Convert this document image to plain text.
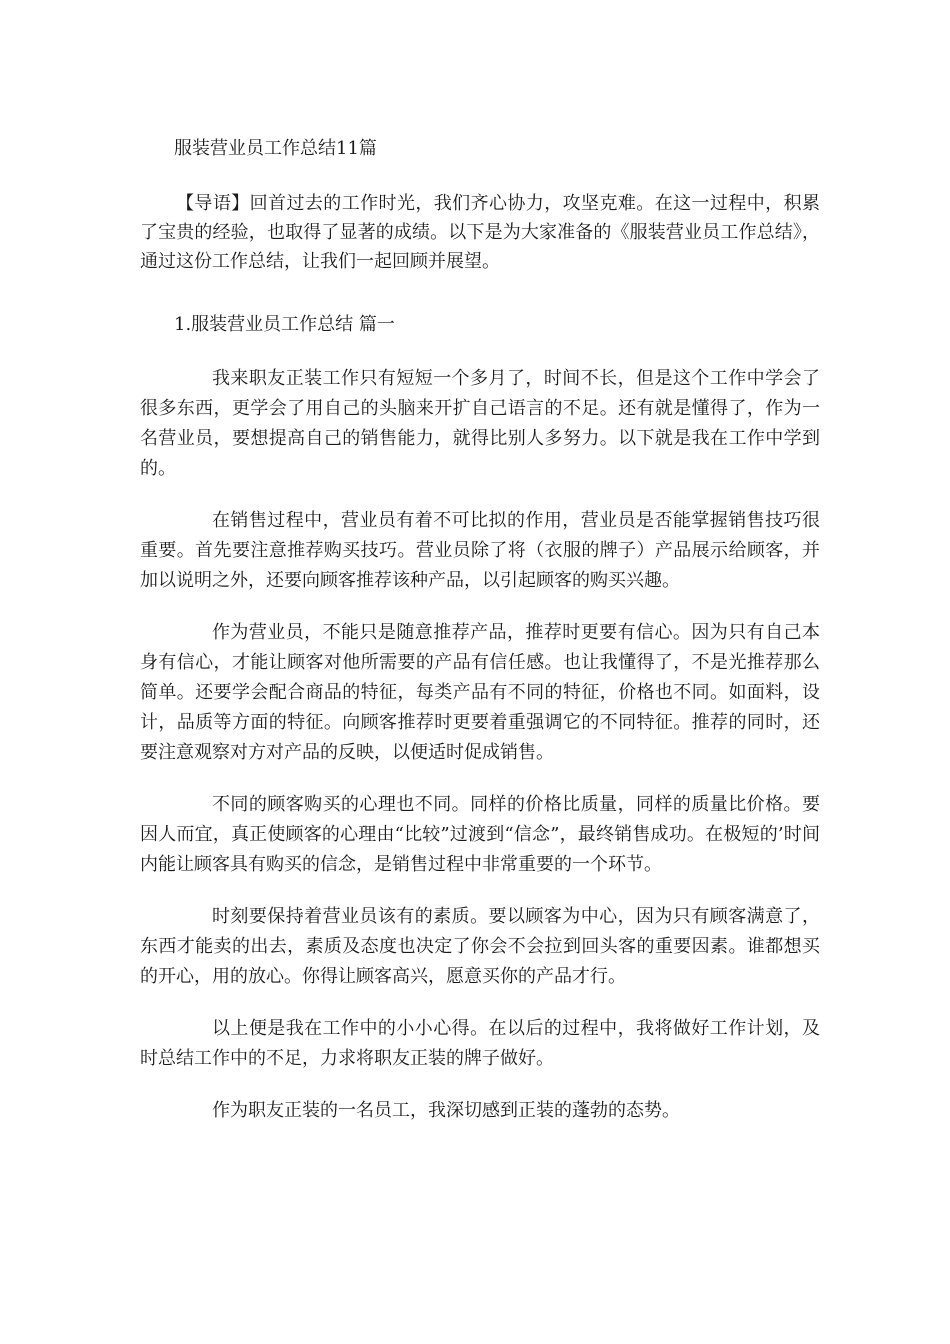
服装营业员工作总结11篇

【导语】回首过去的工作时光，我们齐心协力，攻坚克难。在这一过程中，积累了宝贵的经验，也取得了显著的成绩。以下是为大家准备的《服装营业员工作总结》，通过这份工作总结，让我们一起回顾并展望。

1.服装营业员工作总结 篇一

我来职友正装工作只有短短一个多月了，时间不长，但是这个工作中学会了很多东西，更学会了用自己的头脑来开扩自己语言的不足。还有就是懂得了，作为一名营业员，要想提高自己的销售能力，就得比别人多努力。以下就是我在工作中学到的。

在销售过程中，营业员有着不可比拟的作用，营业员是否能掌握销售技巧很重要。首先要注意推荐购买技巧。营业员除了将（衣服的牌子）产品展示给顾客，并加以说明之外，还要向顾客推荐该种产品，以引起顾客的购买兴趣。

作为营业员，不能只是随意推荐产品，推荐时更要有信心。因为只有自己本身有信心，才能让顾客对他所需要的产品有信任感。也让我懂得了，不是光推荐那么简单。还要学会配合商品的特征，每类产品有不同的特征，价格也不同。如面料，设计，品质等方面的特征。向顾客推荐时更要着重强调它的不同特征。推荐的同时，还要注意观察对方对产品的反映，以便适时促成销售。

不同的顾客购买的心理也不同。同样的价格比质量，同样的质量比价格。要因人而宜，真正使顾客的心理由“比较”过渡到“信念”，最终销售成功。在极短的’时间内能让顾客具有购买的信念，是销售过程中非常重要的一个环节。

时刻要保持着营业员该有的素质。要以顾客为中心，因为只有顾客满意了，东西才能卖的出去，素质及态度也决定了你会不会拉到回头客的重要因素。谁都想买的开心，用的放心。你得让顾客高兴，愿意买你的产品才行。

以上便是我在工作中的小小心得。在以后的过程中，我将做好工作计划，及时总结工作中的不足，力求将职友正装的牌子做好。

作为职友正装的一名员工，我深切感到正装的蓬勃的态势。
